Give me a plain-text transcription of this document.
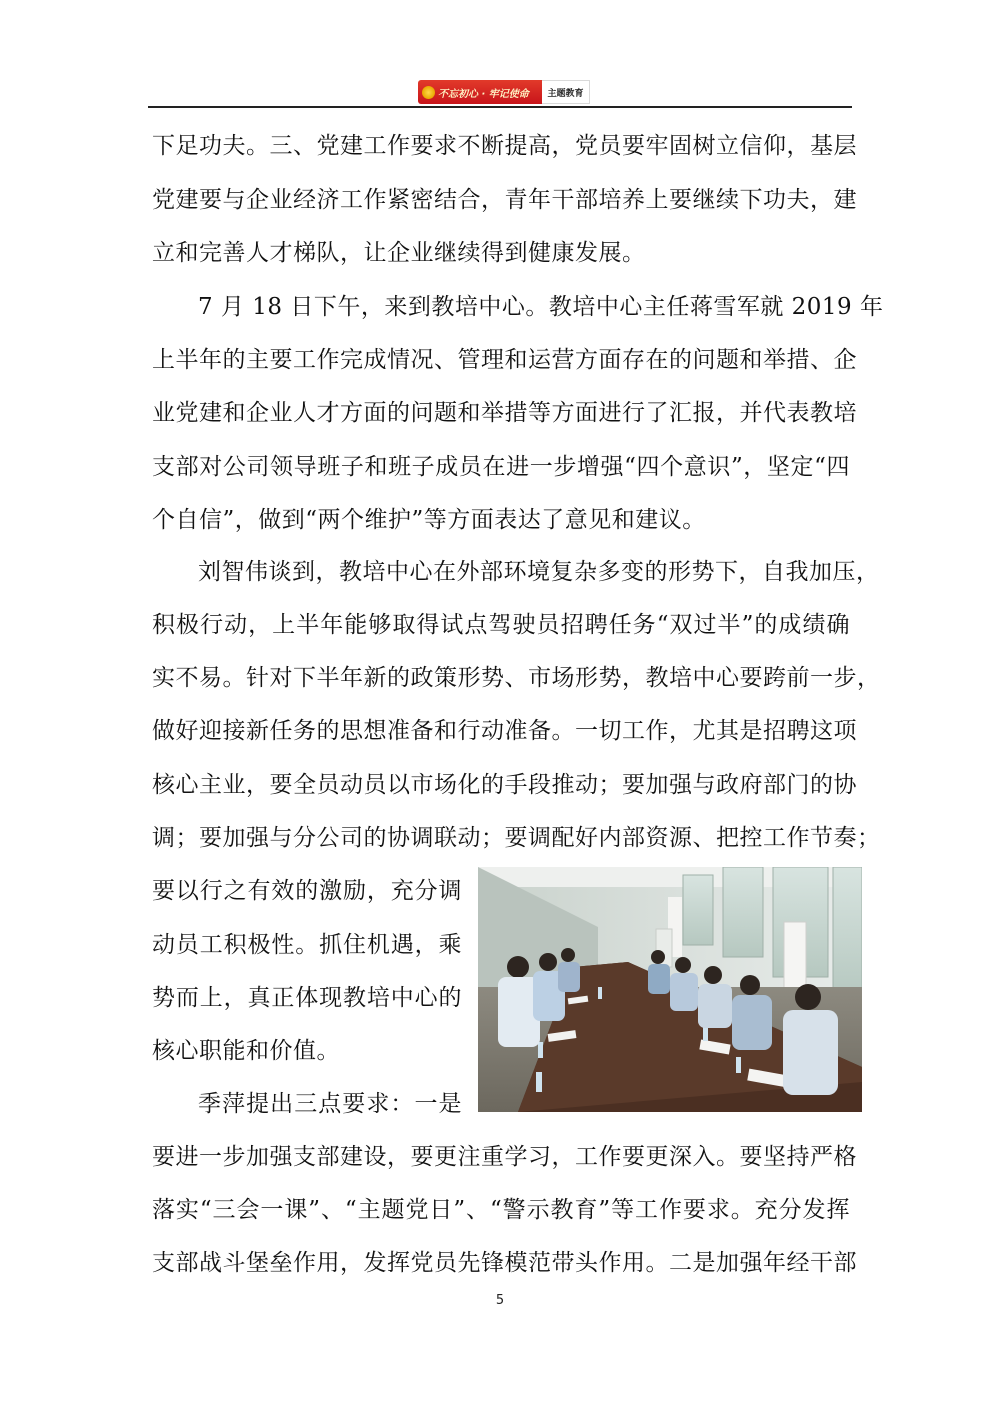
不忘初心 · 牢记使命	主题教育
下足功夫。三、党建工作要求不断提高，党员要牢固树立信仰，基层
党建要与企业经济工作紧密结合，青年干部培养上要继续下功夫，建
立和完善人才梯队，让企业继续得到健康发展。
7 月 18 日下午，来到教培中心。教培中心主任蒋雪军就 2019 年
上半年的主要工作完成情况、管理和运营方面存在的问题和举措、企
业党建和企业人才方面的问题和举措等方面进行了汇报，并代表教培
支部对公司领导班子和班子成员在进一步增强“四个意识”，坚定“四
个自信”，做到“两个维护”等方面表达了意见和建议。
刘智伟谈到，教培中心在外部环境复杂多变的形势下，自我加压，
积极行动，上半年能够取得试点驾驶员招聘任务“双过半”的成绩确
实不易。针对下半年新的政策形势、市场形势，教培中心要跨前一步，
做好迎接新任务的思想准备和行动准备。一切工作，尤其是招聘这项
核心主业，要全员动员以市场化的手段推动；要加强与政府部门的协
调；要加强与分公司的协调联动；要调配好内部资源、把控工作节奏；
要以行之有效的激励，充分调
动员工积极性。抓住机遇，乘
势而上，真正体现教培中心的
核心职能和价值。
季萍提出三点要求：一是
要进一步加强支部建设，要更注重学习，工作要更深入。要坚持严格
落实“三会一课”、“主题党日”、“警示教育”等工作要求。充分发挥
支部战斗堡垒作用，发挥党员先锋模范带头作用。二是加强年经干部
5
